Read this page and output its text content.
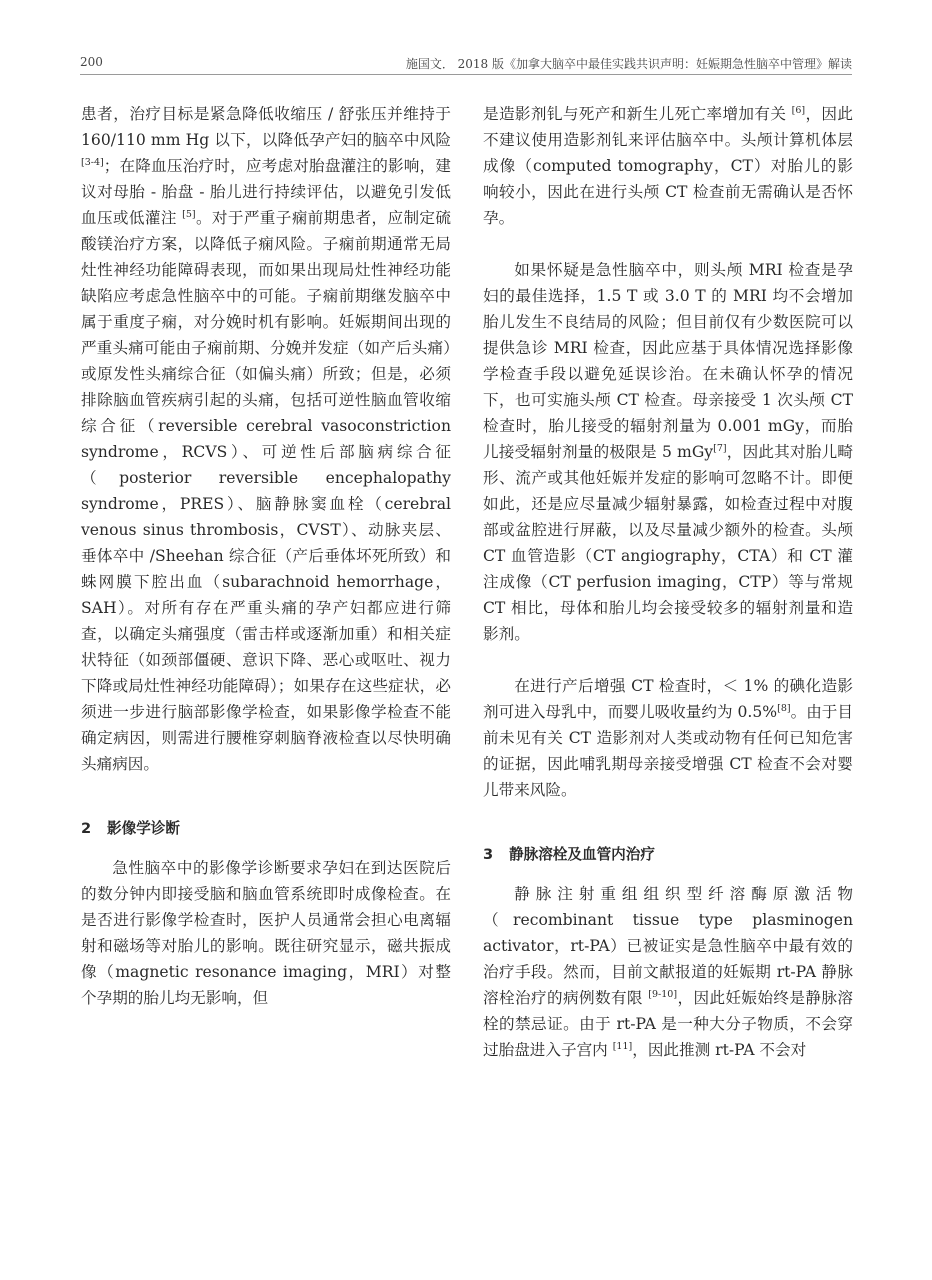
200	施国文． 2018 版《加拿大脑卒中最佳实践共识声明：妊娠期急性脑卒中管理》解读

患者，治疗目标是紧急降低收缩压 / 舒张压并维持于 160/110 mm Hg 以下，以降低孕产妇的脑卒中风险 [3-4]；在降血压治疗时，应考虑对胎盘灌注的影响，建议对母胎 - 胎盘 - 胎儿进行持续评估，以避免引发低血压或低灌注 [5]。对于严重子痫前期患者，应制定硫酸镁治疗方案，以降低子痫风险。子痫前期通常无局灶性神经功能障碍表现，而如果出现局灶性神经功能缺陷应考虑急性脑卒中的可能。子痫前期继发脑卒中属于重度子痫，对分娩时机有影响。妊娠期间出现的严重头痛可能由子痫前期、分娩并发症（如产后头痛）或原发性头痛综合征（如偏头痛）所致；但是，必须排除脑血管疾病引起的头痛，包括可逆性脑血管收缩综合征（reversible cerebral vasoconstriction syndrome，RCVS）、可逆性后部脑病综合征（posterior reversible encephalopathy syndrome，PRES）、脑静脉窦血栓（cerebral venous sinus thrombosis，CVST）、动脉夹层、垂体卒中 /Sheehan 综合征（产后垂体坏死所致）和蛛网膜下腔出血（subarachnoid hemorrhage，SAH）。对所有存在严重头痛的孕产妇都应进行筛查，以确定头痛强度（雷击样或逐渐加重）和相关症状特征（如颈部僵硬、意识下降、恶心或呕吐、视力下降或局灶性神经功能障碍）；如果存在这些症状，必须进一步进行脑部影像学检查，如果影像学检查不能确定病因，则需进行腰椎穿刺脑脊液检查以尽快明确头痛病因。

2 影像学诊断

急性脑卒中的影像学诊断要求孕妇在到达医院后的数分钟内即接受脑和脑血管系统即时成像检查。在是否进行影像学检查时，医护人员通常会担心电离辐射和磁场等对胎儿的影响。既往研究显示，磁共振成像（magnetic resonance imaging，MRI）对整个孕期的胎儿均无影响，但

是造影剂钆与死产和新生儿死亡率增加有关 [6]，因此不建议使用造影剂钆来评估脑卒中。头颅计算机体层成像（computed tomography，CT）对胎儿的影响较小，因此在进行头颅 CT 检查前无需确认是否怀孕。

如果怀疑是急性脑卒中，则头颅 MRI 检查是孕妇的最佳选择，1.5 T 或 3.0 T 的 MRI 均不会增加胎儿发生不良结局的风险；但目前仅有少数医院可以提供急诊 MRI 检查，因此应基于具体情况选择影像学检查手段以避免延误诊治。在未确认怀孕的情况下，也可实施头颅 CT 检查。母亲接受 1 次头颅 CT 检查时，胎儿接受的辐射剂量为 0.001 mGy，而胎儿接受辐射剂量的极限是 5 mGy[7]，因此其对胎儿畸形、流产或其他妊娠并发症的影响可忽略不计。即便如此，还是应尽量减少辐射暴露，如检查过程中对腹部或盆腔进行屏蔽，以及尽量减少额外的检查。头颅 CT 血管造影（CT angiography，CTA）和 CT 灌注成像（CT perfusion imaging，CTP）等与常规 CT 相比，母体和胎儿均会接受较多的辐射剂量和造影剂。

在进行产后增强 CT 检查时，＜ 1% 的碘化造影剂可进入母乳中，而婴儿吸收量约为 0.5%[8]。由于目前未见有关 CT 造影剂对人类或动物有任何已知危害的证据，因此哺乳期母亲接受增强 CT 检查不会对婴儿带来风险。

3 静脉溶栓及血管内治疗

静脉注射重组组织型纤溶酶原激活物（recombinant tissue type plasminogen activator，rt-PA）已被证实是急性脑卒中最有效的治疗手段。然而，目前文献报道的妊娠期 rt-PA 静脉溶栓治疗的病例数有限 [9-10]，因此妊娠始终是静脉溶栓的禁忌证。由于 rt-PA 是一种大分子物质，不会穿过胎盘进入子宫内 [11]，因此推测 rt-PA 不会对
